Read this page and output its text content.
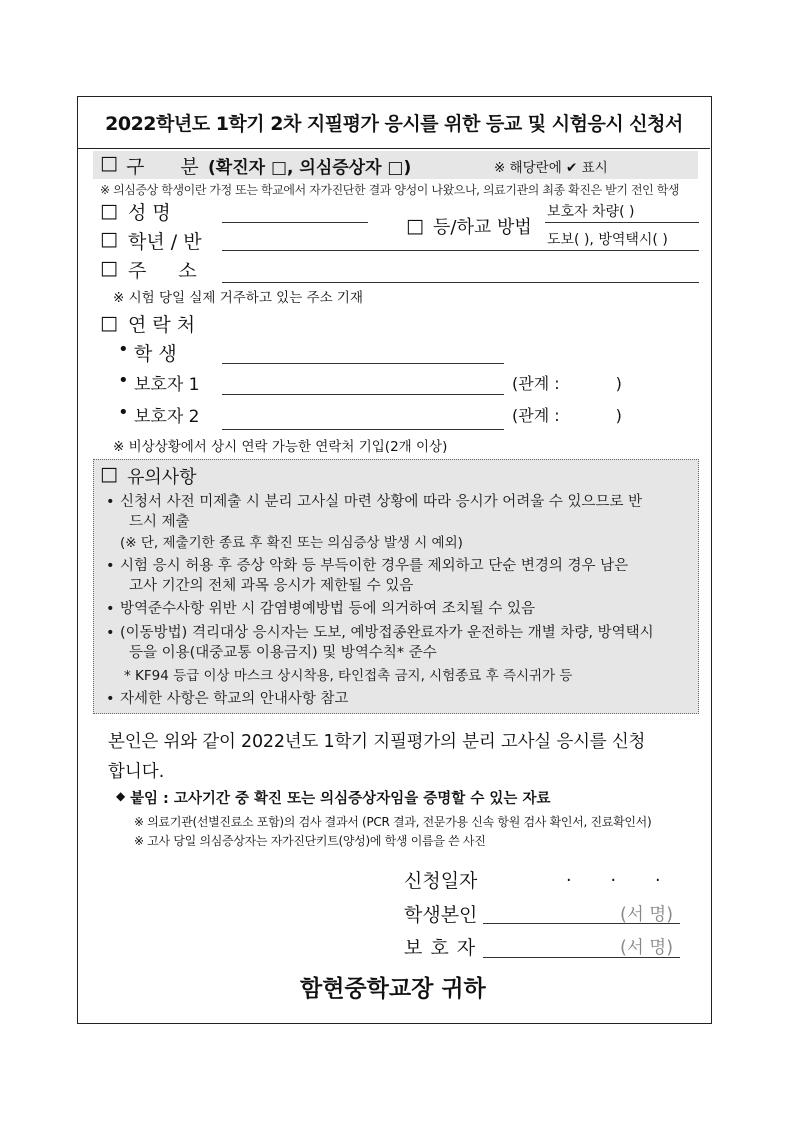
2022학년도 1학기 2차 지필평가 응시를 위한 등교 및 시험응시 신청서
□ 구 분 (확진자 □, 의심증상자 □)	※ 해당란에 ✔ 표시
※ 의심증상 학생이란 가정 또는 학교에서 자가진단한 결과 양성이 나왔으나, 의료기관의 최종 확진은 받기 전인 학생
□ 성 명
□ 학년 / 반
□ 등/하교 방법
보호자 차량( )
도보( ), 방역택시( )
□ 주 소
※ 시험 당일 실제 거주하고 있는 주소 기재
□ 연 락 처
• 학 생
• 보호자 1	(관계 :           )
• 보호자 2	(관계 :           )
※ 비상상황에서 상시 연락 가능한 연락처 기입(2개 이상)
□ 유의사항
• 신청서 사전 미제출 시 분리 고사실 마련 상황에 따라 응시가 어려울 수 있으므로 반
드시 제출
(※ 단, 제출기한 종료 후 확진 또는 의심증상 발생 시 예외)
• 시험 응시 허용 후 증상 악화 등 부득이한 경우를 제외하고 단순 변경의 경우 남은
고사 기간의 전체 과목 응시가 제한될 수 있음
• 방역준수사항 위반 시 감염병예방법 등에 의거하여 조치될 수 있음
• (이동방법) 격리대상 응시자는 도보, 예방접종완료자가 운전하는 개별 차량, 방역택시
등을 이용(대중교통 이용금지) 및 방역수칙* 준수
* KF94 등급 이상 마스크 상시착용, 타인접촉 금지, 시험종료 후 즉시귀가 등
• 자세한 사항은 학교의 안내사항 참고
본인은 위와 같이 2022년도 1학기 지필평가의 분리 고사실 응시를 신청
합니다.
◆ 붙임 : 고사기간 중 확진 또는 의심증상자임을 증명할 수 있는 자료
※ 의료기관(선별진료소 포함)의 검사 결과서 (PCR 결과, 전문가용 신속 항원 검사 확인서, 진료확인서)
※ 고사 당일 의심증상자는 자가진단키트(양성)에 학생 이름을 쓴 사진
신청일자	.       .       .
학생본인	(서 명)
보 호 자	(서 명)
함현중학교장 귀하
